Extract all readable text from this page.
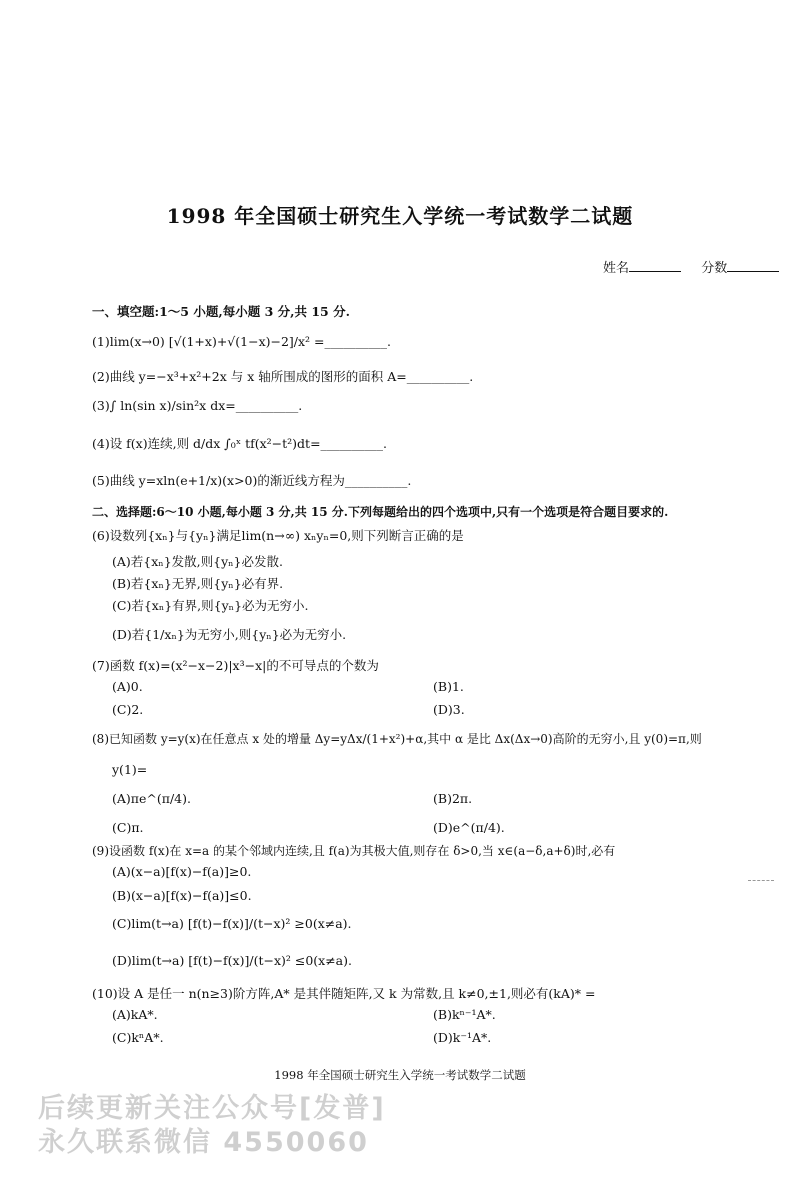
1998 年全国硕士研究生入学统一考试数学二试题
姓名	分数
一、填空题:1～5 小题,每小题 3 分,共 15 分.
(1)lim(x→0) [√(1+x)+√(1−x)−2]/x² =__________.
(2)曲线 y=−x³+x²+2x 与 x 轴所围成的图形的面积 A=__________.
(3)∫ ln(sin x)/sin²x dx=__________.
(4)设 f(x)连续,则 d/dx ∫₀ˣ tf(x²−t²)dt=__________.
(5)曲线 y=xln(e+1/x)(x>0)的渐近线方程为__________.
二、选择题:6～10 小题,每小题 3 分,共 15 分.下列每题给出的四个选项中,只有一个选项是符合题目要求的.
(6)设数列{xₙ}与{yₙ}满足lim(n→∞) xₙyₙ=0,则下列断言正确的是
(A)若{xₙ}发散,则{yₙ}必发散.
(B)若{xₙ}无界,则{yₙ}必有界.
(C)若{xₙ}有界,则{yₙ}必为无穷小.
(D)若{1/xₙ}为无穷小,则{yₙ}必为无穷小.
(7)函数 f(x)=(x²−x−2)|x³−x|的不可导点的个数为
(A)0.	(B)1.
(C)2.	(D)3.
(8)已知函数 y=y(x)在任意点 x 处的增量 Δy=yΔx/(1+x²)+α,其中 α 是比 Δx(Δx→0)高阶的无穷小,且 y(0)=π,则
y(1)=
(A)πe^(π/4).	(B)2π.
(C)π.	(D)e^(π/4).
(9)设函数 f(x)在 x=a 的某个邻域内连续,且 f(a)为其极大值,则存在 δ>0,当 x∈(a−δ,a+δ)时,必有
(A)(x−a)[f(x)−f(a)]≥0.
(B)(x−a)[f(x)−f(a)]≤0.
(C)lim(t→a) [f(t)−f(x)]/(t−x)² ≥0(x≠a).
(D)lim(t→a) [f(t)−f(x)]/(t−x)² ≤0(x≠a).
(10)设 A 是任一 n(n≥3)阶方阵,A* 是其伴随矩阵,又 k 为常数,且 k≠0,±1,则必有(kA)* =
(A)kA*.	(B)kⁿ⁻¹A*.
(C)kⁿA*.	(D)k⁻¹A*.
1998 年全国硕士研究生入学统一考试数学二试题
后续更新关注公众号[发普]
永久联系微信 4550060
